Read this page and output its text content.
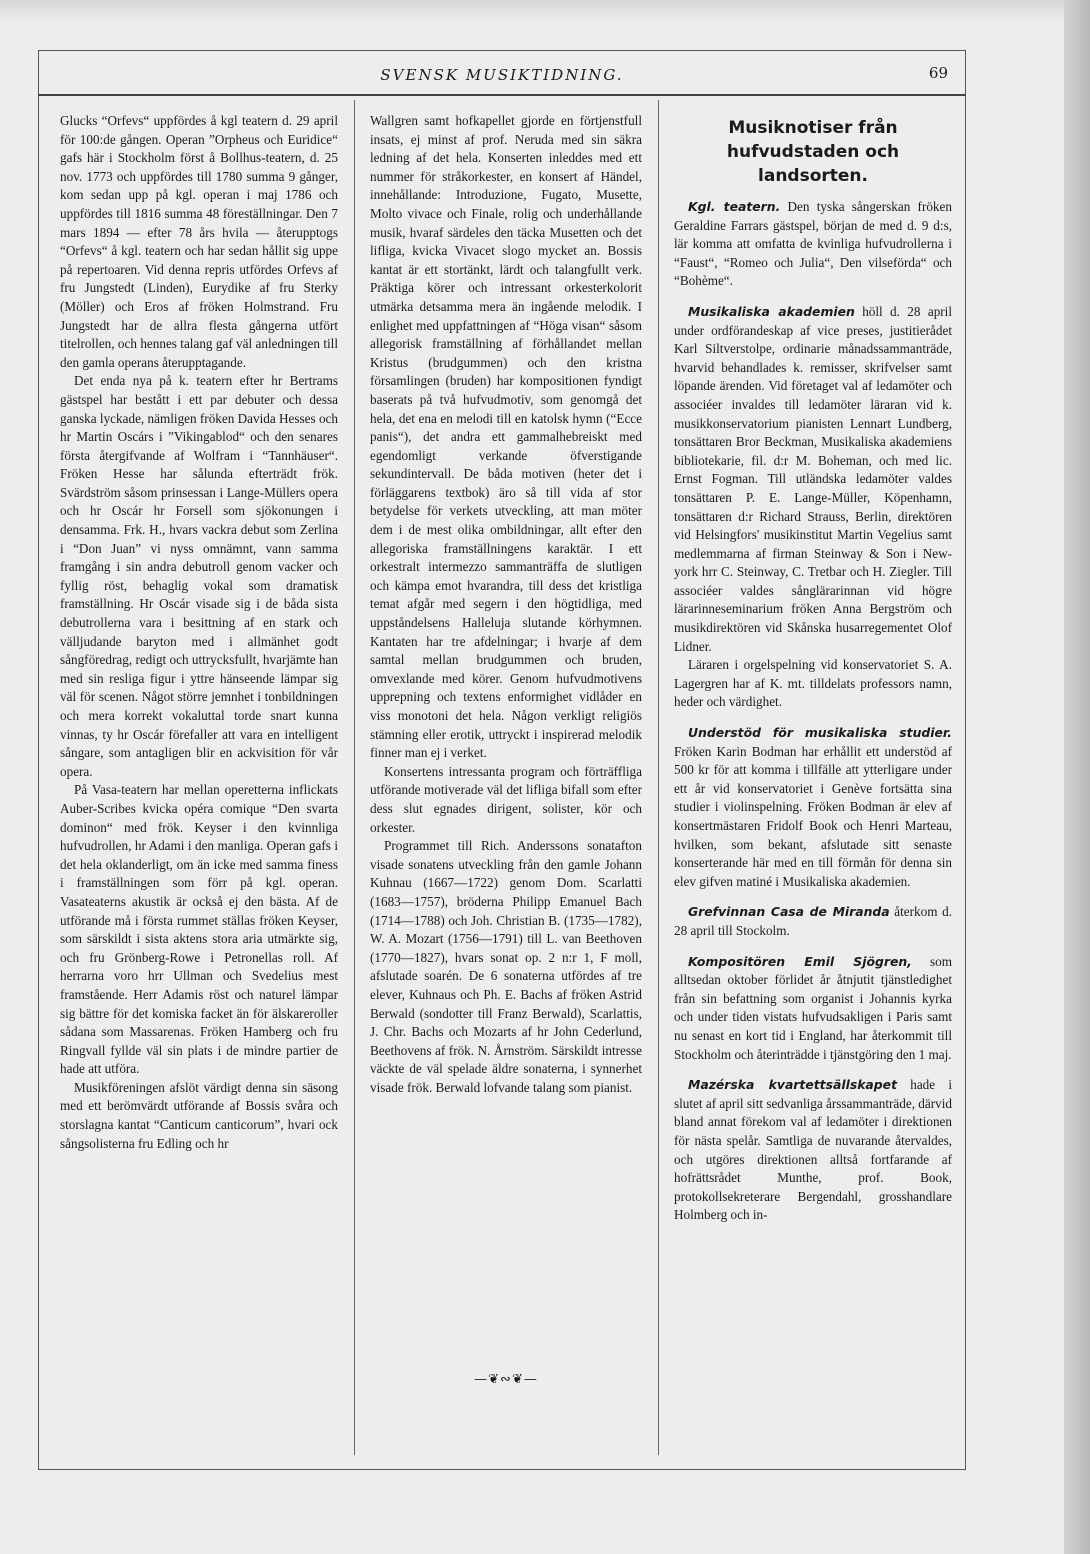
SVENSK MUSIKTIDNING.	69

Glucks “Orfevs“ uppfördes å kgl teatern d. 29 april för 100:de gången. Operan ”Orpheus och Euridice“ gafs här i Stockholm först å Bollhus-teatern, d. 25 nov. 1773 och uppfördes till 1780 summa 9 gånger, kom sedan upp på kgl. operan i maj 1786 och uppfördes till 1816 summa 48 föreställningar. Den 7 mars 1894 — efter 78 års hvila — återupptogs “Orfevs“ å kgl. teatern och har sedan hållit sig uppe på repertoaren. Vid denna repris utfördes Orfevs af fru Jungstedt (Linden), Eurydike af fru Sterky (Möller) och Eros af fröken Holmstrand. Fru Jungstedt har de allra flesta gångerna utfört titelrollen, och hennes talang gaf väl anledningen till den gamla operans återupptagande.

Det enda nya på k. teatern efter hr Bertrams gästspel har bestått i ett par debuter och dessa ganska lyckade, nämligen fröken Davida Hesses och hr Martin Oscárs i ”Vikingablod“ och den senares första återgifvande af Wolfram i “Tannhäuser“. Fröken Hesse har sålunda efterträdt frök. Svärdström såsom prinsessan i Lange-Müllers opera och hr Oscár hr Forsell som sjökonungen i densamma. Frk. H., hvars vackra debut som Zerlina i “Don Juan” vi nyss omnämnt, vann samma framgång i sin andra debutroll genom vacker och fyllig röst, behaglig vokal som dramatisk framställning. Hr Oscár visade sig i de båda sista debutrollerna vara i besittning af en stark och välljudande baryton med i allmänhet godt sångföredrag, redigt och uttrycksfullt, hvarjämte han med sin resliga figur i yttre hänseende lämpar sig väl för scenen. Något större jemnhet i tonbildningen och mera korrekt vokaluttal torde snart kunna vinnas, ty hr Oscár förefaller att vara en intelligent sångare, som antagligen blir en ackvisition för vår opera.

På Vasa-teatern har mellan operetterna inflickats Auber-Scribes kvicka opéra comique “Den svarta dominon“ med frök. Keyser i den kvinnliga hufvudrollen, hr Adami i den manliga. Operan gafs i det hela oklanderligt, om än icke med samma finess i framställningen som förr på kgl. operan. Vasateaterns akustik är också ej den bästa. Af de utförande må i första rummet ställas fröken Keyser, som särskildt i sista aktens stora aria utmärkte sig, och fru Grönberg-Rowe i Petronellas roll. Af herrarna voro hrr Ullman och Svedelius mest framstående. Herr Adamis röst och naturel lämpar sig bättre för det komiska facket än för älskareroller sådana som Massarenas. Fröken Hamberg och fru Ringvall fyllde väl sin plats i de mindre partier de hade att utföra.

Musikföreningen afslöt värdigt denna sin säsong med ett berömvärdt utförande af Bossis svåra och storslagna kantat “Canticum canticorum”, hvari ock sångsolisterna fru Edling och hr

Wallgren samt hofkapellet gjorde en förtjenstfull insats, ej minst af prof. Neruda med sin säkra ledning af det hela. Konserten inleddes med ett nummer för stråkorkester, en konsert af Händel, innehållande: Introduzione, Fugato, Musette, Molto vivace och Finale, rolig och underhållande musik, hvaraf särdeles den täcka Musetten och det lifliga, kvicka Vivacet slogo mycket an. Bossis kantat är ett stortänkt, lärdt och talangfullt verk. Präktiga körer och intressant orkesterkolorit utmärka detsamma mera än ingående melodik. I enlighet med uppfattningen af “Höga visan“ såsom allegorisk framställning af förhållandet mellan Kristus (brudgummen) och den kristna församlingen (bruden) har kompositionen fyndigt baserats på två hufvudmotiv, som genomgå det hela, det ena en melodi till en katolsk hymn (“Ecce panis“), det andra ett gammalhebreiskt med egendomligt verkande öfverstigande sekundintervall. De båda motiven (heter det i förläggarens textbok) äro så till vida af stor betydelse för verkets utveckling, att man möter dem i de mest olika ombildningar, allt efter den allegoriska framställningens karaktär. I ett orkestralt intermezzo sammanträffa de slutligen och kämpa emot hvarandra, till dess det kristliga temat afgår med segern i den högtidliga, med uppståndelsens Halleluja slutande körhymnen. Kantaten har tre afdelningar; i hvarje af dem samtal mellan brudgummen och bruden, omvexlande med körer. Genom hufvudmotivens upprepning och textens enformighet vidlåder en viss monotoni det hela. Någon verkligt religiös stämning eller erotik, uttryckt i inspirerad melodik finner man ej i verket.

Konsertens intressanta program och förträffliga utförande motiverade väl det lifliga bifall som efter dess slut egnades dirigent, solister, kör och orkester.

Programmet till Rich. Anderssons sonatafton visade sonatens utveckling från den gamle Johann Kuhnau (1667—1722) genom Dom. Scarlatti (1683—1757), bröderna Philipp Emanuel Bach (1714—1788) och Joh. Christian B. (1735—1782), W. A. Mozart (1756—1791) till L. van Beethoven (1770—1827), hvars sonat op. 2 n:r 1, F moll, afslutade soarén. De 6 sonaterna utfördes af tre elever, Kuhnaus och Ph. E. Bachs af fröken Astrid Berwald (sondotter till Franz Berwald), Scarlattis, J. Chr. Bachs och Mozarts af hr John Cederlund, Beethovens af frök. N. Årnström. Särskildt intresse väckte de väl spelade äldre sonaterna, i synnerhet visade frök. Berwald lofvande talang som pianist.

—❦∾❦—
Musiknotiser från hufvudstaden och landsorten.

Kgl. teatern. Den tyska sångerskan fröken Geraldine Farrars gästspel, början de med d. 9 d:s, lär komma att omfatta de kvinliga hufvudrollerna i “Faust“, “Romeo och Julia“, Den vilseförda“ och “Bohème“.

Musikaliska akademien höll d. 28 april under ordförandeskap af vice preses, justitierådet Karl Siltverstolpe, ordinarie månadssammanträde, hvarvid behandlades k. remisser, skrifvelser samt löpande ärenden. Vid företaget val af ledamöter och associéer invaldes till ledamöter läraran vid k. musikkonservatorium pianisten Lennart Lundberg, tonsättaren Bror Beckman, Musikaliska akademiens bibliotekarie, fil. d:r M. Boheman, och med lic. Ernst Fogman. Till utländska ledamöter valdes tonsättaren P. E. Lange-Müller, Köpenhamn, tonsättaren d:r Richard Strauss, Berlin, direktören vid Helsingfors' musikinstitut Martin Vegelius samt medlemmarna af firman Steinway & Son i New-york hrr C. Steinway, C. Tretbar och H. Ziegler. Till associéer valdes sånglärarinnan vid högre lärarinneseminarium fröken Anna Bergström och musikdirektören vid Skånska husarregementet Olof Lidner.

Läraren i orgelspelning vid konservatoriet S. A. Lagergren har af K. mt. tilldelats professors namn, heder och värdighet.

Understöd för musikaliska studier. Fröken Karin Bodman har erhållit ett understöd af 500 kr för att komma i tillfälle att ytterligare under ett år vid konservatoriet i Genève fortsätta sina studier i violinspelning. Fröken Bodman är elev af konsertmästaren Fridolf Book och Henri Marteau, hvilken, som bekant, afslutade sitt senaste konserterande här med en till förmån för denna sin elev gifven matiné i Musikaliska akademien.

Grefvinnan Casa de Miranda återkom d. 28 april till Stockolm.

Kompositören Emil Sjögren, som alltsedan oktober förlidet år åtnjutit tjänstledighet från sin befattning som organist i Johannis kyrka och under tiden vistats hufvudsakligen i Paris samt nu senast en kort tid i England, har återkommit till Stockholm och återinträdde i tjänstgöring den 1 maj.

Mazérska kvartettsällskapet hade i slutet af april sitt sedvanliga årssammanträde, därvid bland annat förekom val af ledamöter i direktionen för nästa spelår. Samtliga de nuvarande återvaldes, och utgöres direktionen alltså fortfarande af hofrättsrådet Munthe, prof. Book, protokollsekreterare Bergendahl, grosshandlare Holmberg och in-
